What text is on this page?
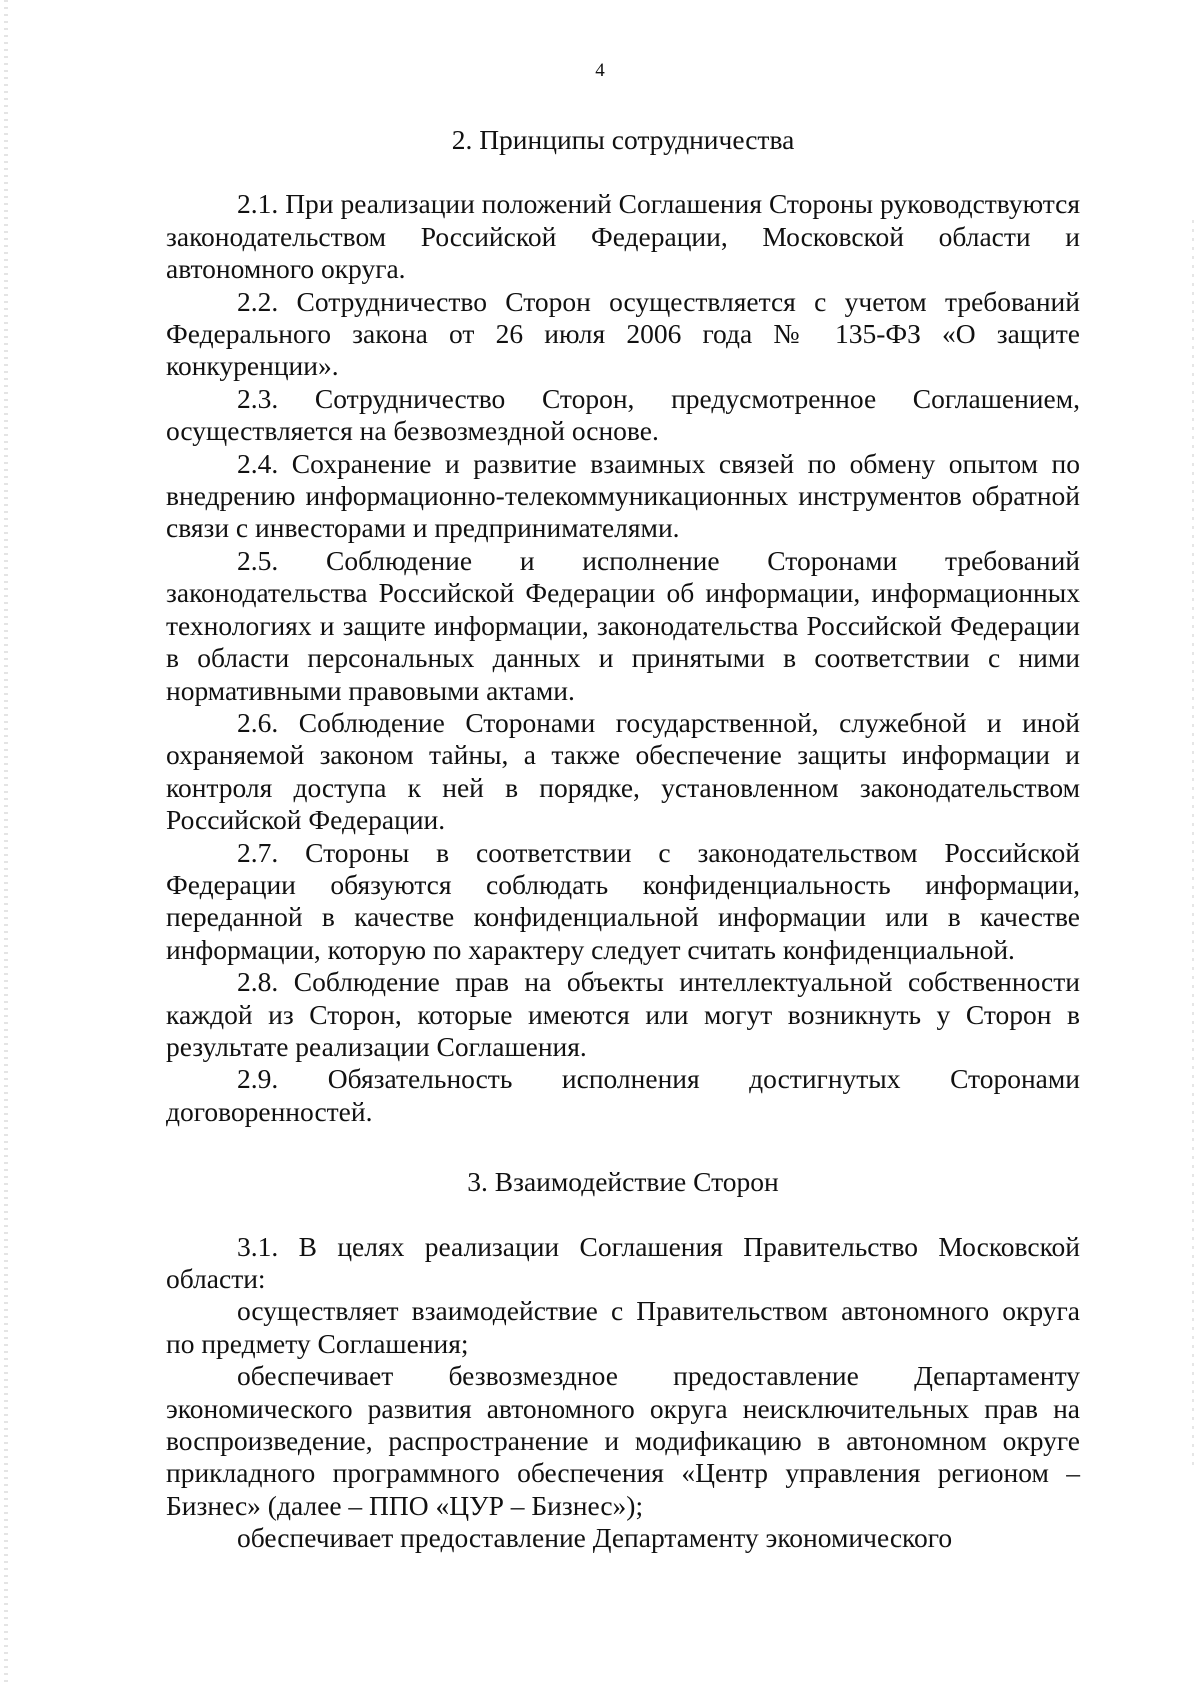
4

2. Принципы сотрудничества

2.1. При реализации положений Соглашения Стороны руководствуются законодательством Российской Федерации, Московской области и автономного округа.

2.2. Сотрудничество Сторон осуществляется с учетом требований Федерального закона от 26 июля 2006 года № 135-ФЗ «О защите конкуренции».

2.3. Сотрудничество Сторон, предусмотренное Соглашением, осуществляется на безвозмездной основе.

2.4. Сохранение и развитие взаимных связей по обмену опытом по внедрению информационно-телекоммуникационных инструментов обратной связи с инвесторами и предпринимателями.

2.5. Соблюдение и исполнение Сторонами требований законодательства Российской Федерации об информации, информационных технологиях и защите информации, законодательства Российской Федерации в области персональных данных и принятыми в соответствии с ними нормативными правовыми актами.

2.6. Соблюдение Сторонами государственной, служебной и иной охраняемой законом тайны, а также обеспечение защиты информации и контроля доступа к ней в порядке, установленном законодательством Российской Федерации.

2.7. Стороны в соответствии с законодательством Российской Федерации обязуются соблюдать конфиденциальность информации, переданной в качестве конфиденциальной информации или в качестве информации, которую по характеру следует считать конфиденциальной.

2.8. Соблюдение прав на объекты интеллектуальной собственности каждой из Сторон, которые имеются или могут возникнуть у Сторон в результате реализации Соглашения.

2.9. Обязательность исполнения достигнутых Сторонами договоренностей.

3. Взаимодействие Сторон

3.1. В целях реализации Соглашения Правительство Московской области:

осуществляет взаимодействие с Правительством автономного округа по предмету Соглашения;

обеспечивает безвозмездное предоставление Департаменту экономического развития автономного округа неисключительных прав на воспроизведение, распространение и модификацию в автономном округе прикладного программного обеспечения «Центр управления регионом – Бизнес» (далее – ППО «ЦУР – Бизнес»);

обеспечивает предоставление Департаменту экономического
